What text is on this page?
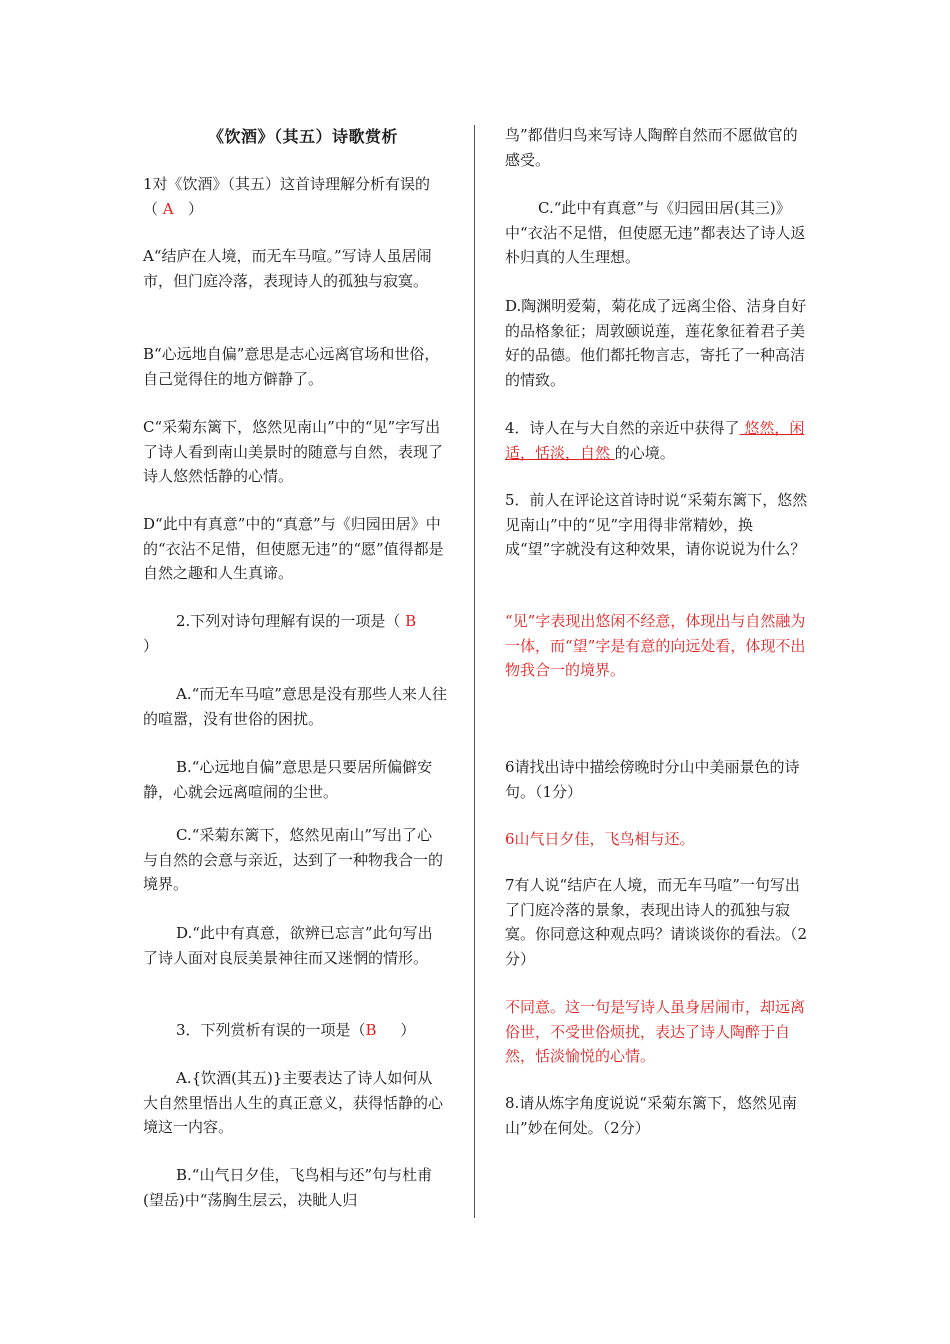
《饮酒》（其五）诗歌赏析

1对《饮酒》（其五）这首诗理解分析有误的（ A ）

A“结庐在人境，而无车马喧。”写诗人虽居闹市，但门庭冷落，表现诗人的孤独与寂寞。

B“心远地自偏”意思是志心远离官场和世俗，自己觉得住的地方僻静了。

C“采菊东篱下，悠然见南山”中的“见”字写出了诗人看到南山美景时的随意与自然，表现了诗人悠然恬静的心情。

D“此中有真意”中的“真意”与《归园田居》中的“衣沾不足惜，但使愿无违”的“愿”值得都是自然之趣和人生真谛。

2.下列对诗句理解有误的一项是（ B
）

A.“而无车马喧”意思是没有那些人来人往的喧嚣，没有世俗的困扰。

B.“心远地自偏”意思是只要居所偏僻安静，心就会远离喧闹的尘世。

C.“采菊东篱下，悠然见南山”写出了心与自然的会意与亲近，达到了一种物我合一的境界。

D.“此中有真意，欲辨已忘言”此句写出了诗人面对良辰美景神往而又迷惘的情形。

3．下列赏析有误的一项是（B ）

A.{饮酒(其五)}主要表达了诗人如何从大自然里悟出人生的真正意义，获得恬静的心境这一内容。

B.“山气日夕佳，飞鸟相与还”句与杜甫(望岳)中“荡胸生层云，决眦人归

鸟”都借归鸟来写诗人陶醉自然而不愿做官的感受。

C.“此中有真意”与《归园田居(其三)》中“衣沾不足惜，但使愿无违”都表达了诗人返朴归真的人生理想。

D.陶渊明爱菊，菊花成了远离尘俗、洁身自好的品格象征；周敦颐说莲，莲花象征着君子美好的品德。他们都托物言志，寄托了一种高洁的情致。

4．诗人在与大自然的亲近中获得了 悠然，闲适，恬淡，自然 的心境。

5．前人在评论这首诗时说“采菊东篱下，悠然见南山”中的“见”字用得非常精妙，换成“望”字就没有这种效果，请你说说为什么？

“见”字表现出悠闲不经意，体现出与自然融为一体，而“望”字是有意的向远处看，体现不出物我合一的境界。

6请找出诗中描绘傍晚时分山中美丽景色的诗句。（1分）

6山气日夕佳，飞鸟相与还。

7有人说“结庐在人境，而无车马喧”一句写出了门庭冷落的景象，表现出诗人的孤独与寂寞。你同意这种观点吗？请谈谈你的看法。（2分）

不同意。这一句是写诗人虽身居闹市，却远离俗世，不受世俗烦扰，表达了诗人陶醉于自然，恬淡愉悦的心情。

8.请从炼字角度说说“采菊东篱下，悠然见南山”妙在何处。（2分）
